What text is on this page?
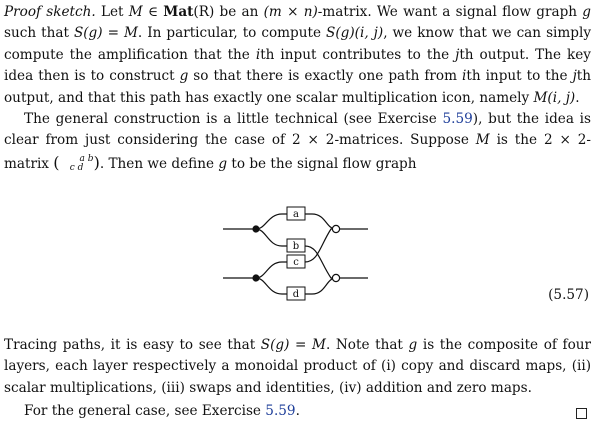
Proof sketch. Let M ∈ Mat(R) be an (m × n)-matrix. We want a signal flow graph g such that S(g) = M. In particular, to compute S(g)(i, j), we know that we can simply compute the amplification that the ith input contributes to the jth output. The key idea then is to construct g so that there is exactly one path from ith input to the jth output, and that this path has exactly one scalar multiplication icon, namely M(i, j).

The general construction is a little technical (see Exercise 5.59), but the idea is clear from just considering the case of 2 × 2-matrices. Suppose M is the 2 × 2-matrix ( a b
c d ). Then we define g to be the signal flow graph

a
b
c
d	(5.57)

Tracing paths, it is easy to see that S(g) = M. Note that g is the composite of four layers, each layer respectively a monoidal product of (i) copy and discard maps, (ii) scalar multiplications, (iii) swaps and identities, (iv) addition and zero maps.

For the general case, see Exercise 5.59.
